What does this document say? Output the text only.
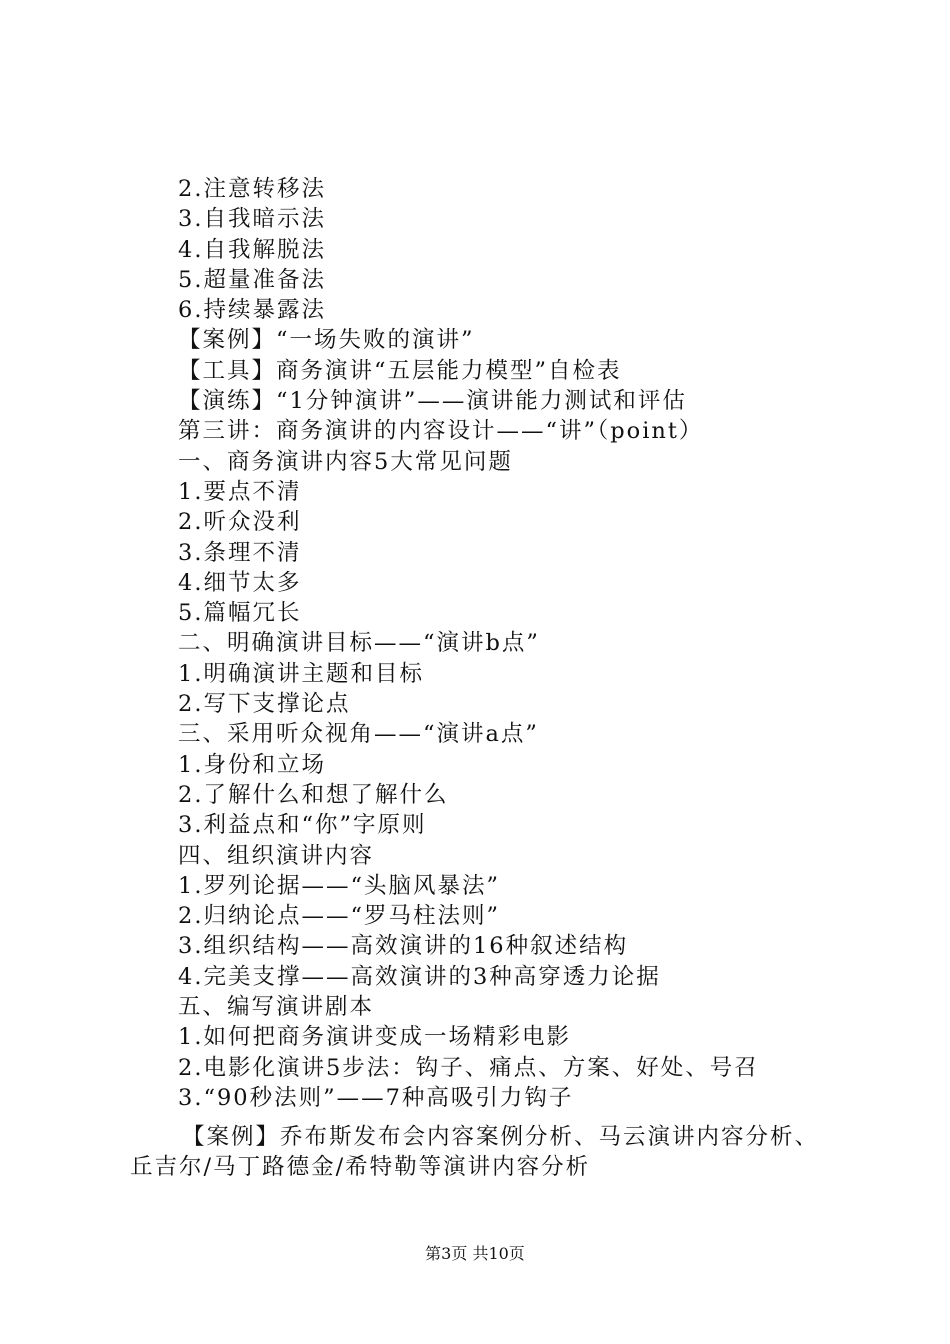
2.注意转移法
3.自我暗示法
4.自我解脱法
5.超量准备法
6.持续暴露法
【案例】“一场失败的演讲”
【工具】商务演讲“五层能力模型”自检表
【演练】“1分钟演讲”——演讲能力测试和评估
第三讲：商务演讲的内容设计——“讲”（point）
一、商务演讲内容5大常见问题
1.要点不清
2.听众没利
3.条理不清
4.细节太多
5.篇幅冗长
二、明确演讲目标——“演讲b点”
1.明确演讲主题和目标
2.写下支撑论点
三、采用听众视角——“演讲a点”
1.身份和立场
2.了解什么和想了解什么
3.利益点和“你”字原则
四、组织演讲内容
1.罗列论据——“头脑风暴法”
2.归纳论点——“罗马柱法则”
3.组织结构——高效演讲的16种叙述结构
4.完美支撑——高效演讲的3种高穿透力论据
五、编写演讲剧本
1.如何把商务演讲变成一场精彩电影
2.电影化演讲5步法：钩子、痛点、方案、好处、号召
3.“90秒法则”——7种高吸引力钩子
【案例】乔布斯发布会内容案例分析、马云演讲内容分析、
丘吉尔/马丁路德金/希特勒等演讲内容分析
第3页 共10页
